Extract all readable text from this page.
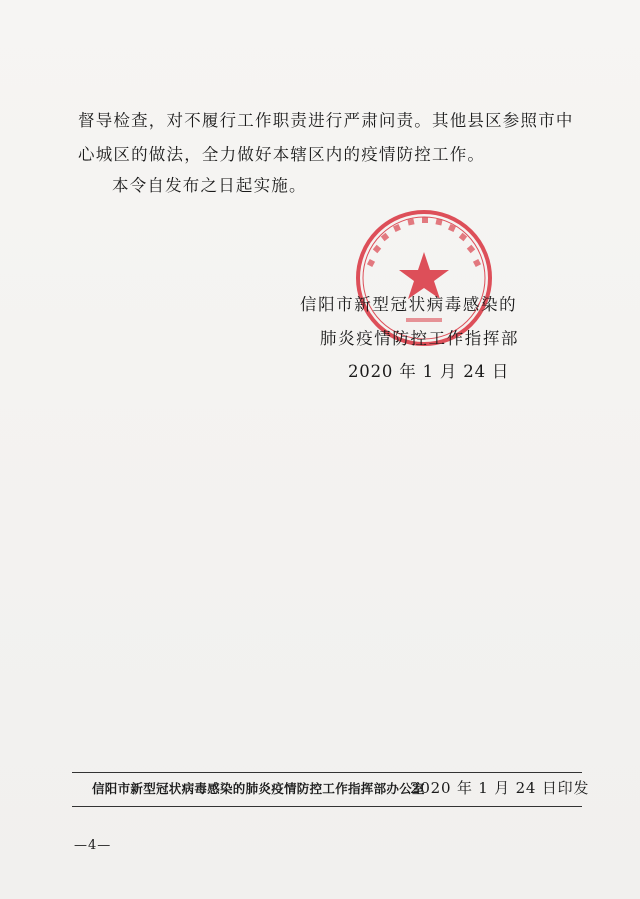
督导检查，对不履行工作职责进行严肃问责。其他县区参照市中

心城区的做法，全力做好本辖区内的疫情防控工作。

本令自发布之日起实施。
信阳市新型冠状病毒感染的
肺炎疫情防控工作指挥部
2020 年 1 月 24 日
信阳市新型冠状病毒感染的肺炎疫情防控工作指挥部办公室
2020 年 1 月 24 日印发
—4—
